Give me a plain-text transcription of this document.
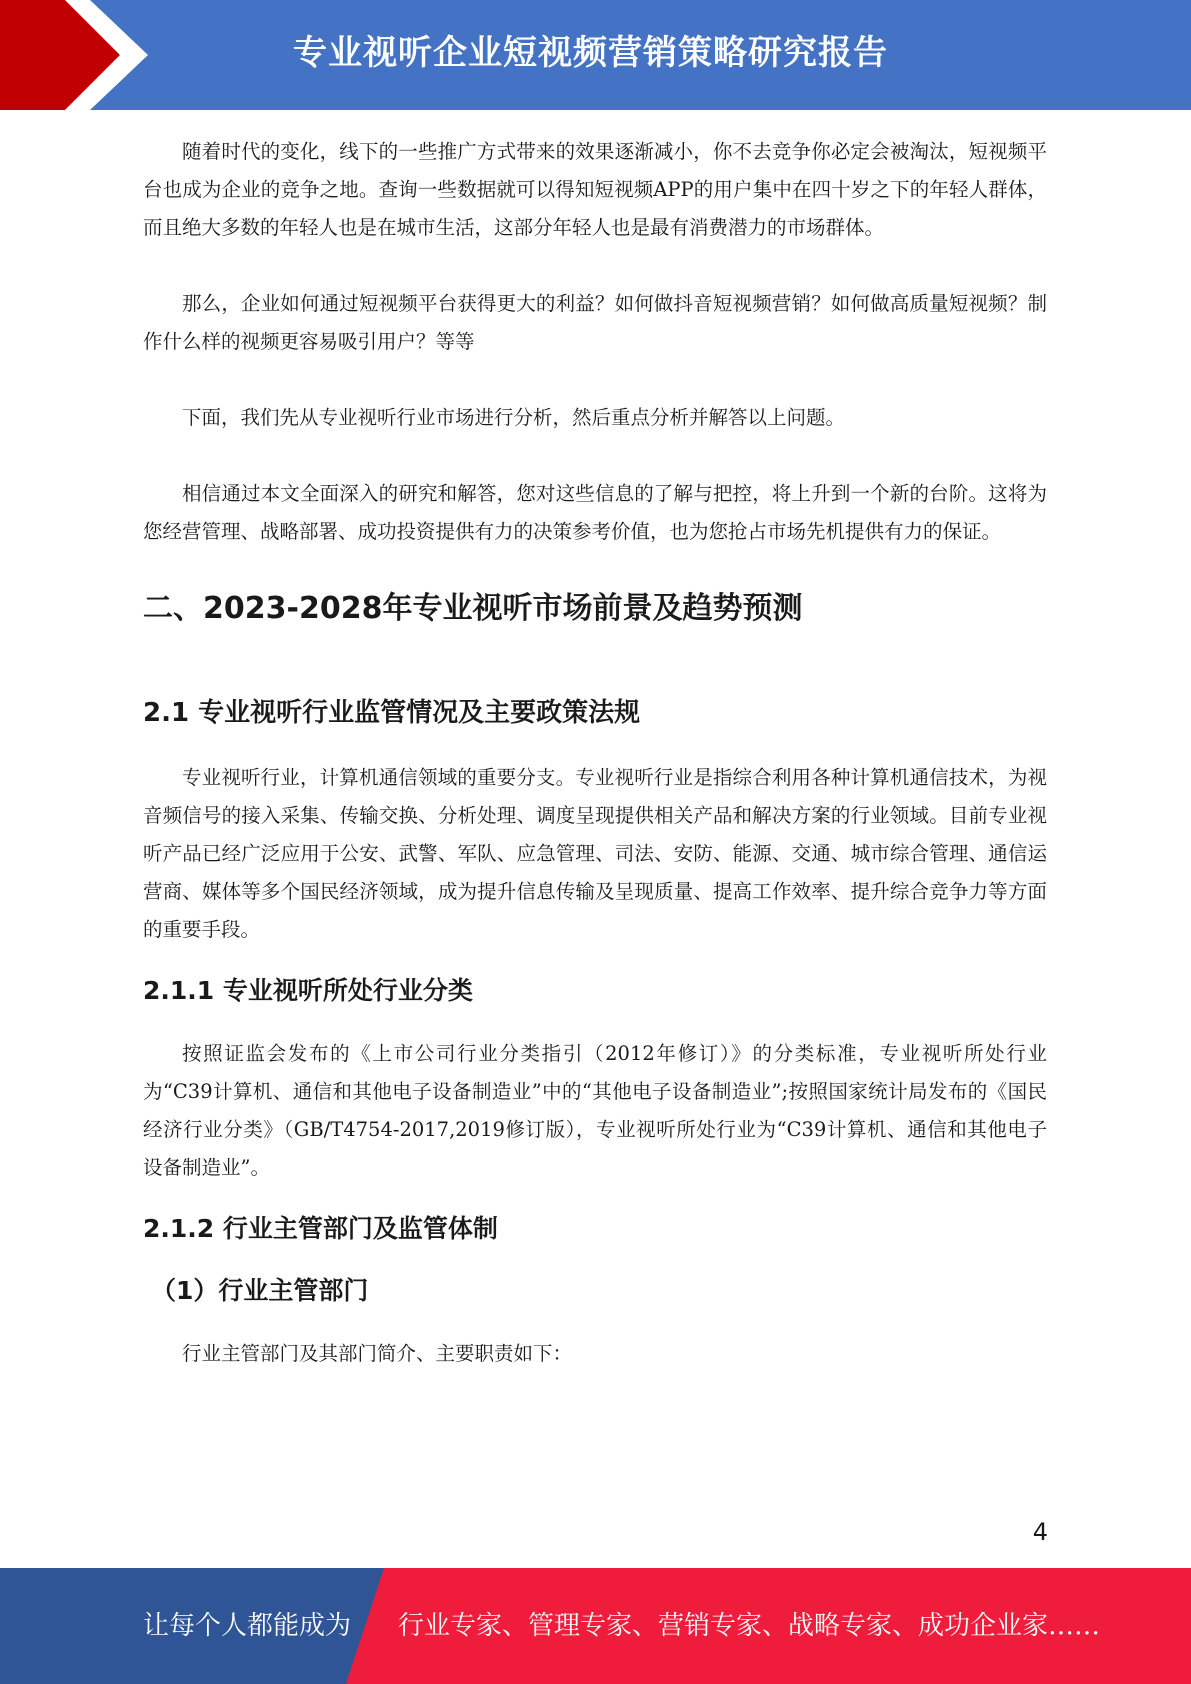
专业视听企业短视频营销策略研究报告

随着时代的变化，线下的一些推广方式带来的效果逐渐减小，你不去竞争你必定会被淘汰，短视频平台也成为企业的竞争之地。查询一些数据就可以得知短视频APP的用户集中在四十岁之下的年轻人群体，而且绝大多数的年轻人也是在城市生活，这部分年轻人也是最有消费潜力的市场群体。

那么，企业如何通过短视频平台获得更大的利益？如何做抖音短视频营销？如何做高质量短视频？制作什么样的视频更容易吸引用户？等等

下面，我们先从专业视听行业市场进行分析，然后重点分析并解答以上问题。

相信通过本文全面深入的研究和解答，您对这些信息的了解与把控，将上升到一个新的台阶。这将为您经营管理、战略部署、成功投资提供有力的决策参考价值，也为您抢占市场先机提供有力的保证。

二、2023-2028年专业视听市场前景及趋势预测
2.1 专业视听行业监管情况及主要政策法规

专业视听行业，计算机通信领域的重要分支。专业视听行业是指综合利用各种计算机通信技术，为视音频信号的接入采集、传输交换、分析处理、调度呈现提供相关产品和解决方案的行业领域。目前专业视听产品已经广泛应用于公安、武警、军队、应急管理、司法、安防、能源、交通、城市综合管理、通信运营商、媒体等多个国民经济领域，成为提升信息传输及呈现质量、提高工作效率、提升综合竞争力等方面的重要手段。

2.1.1 专业视听所处行业分类

按照证监会发布的《上市公司行业分类指引（2012年修订）》的分类标准，专业视听所处行业为“C39计算机、通信和其他电子设备制造业”中的“其他电子设备制造业”;按照国家统计局发布的《国民经济行业分类》（GB/T4754-2017,2019修订版），专业视听所处行业为“C39计算机、通信和其他电子设备制造业”。

2.1.2 行业主管部门及监管体制
（1）行业主管部门

行业主管部门及其部门简介、主要职责如下：

4
让每个人都能成为 行业专家、管理专家、营销专家、战略专家、成功企业家……
